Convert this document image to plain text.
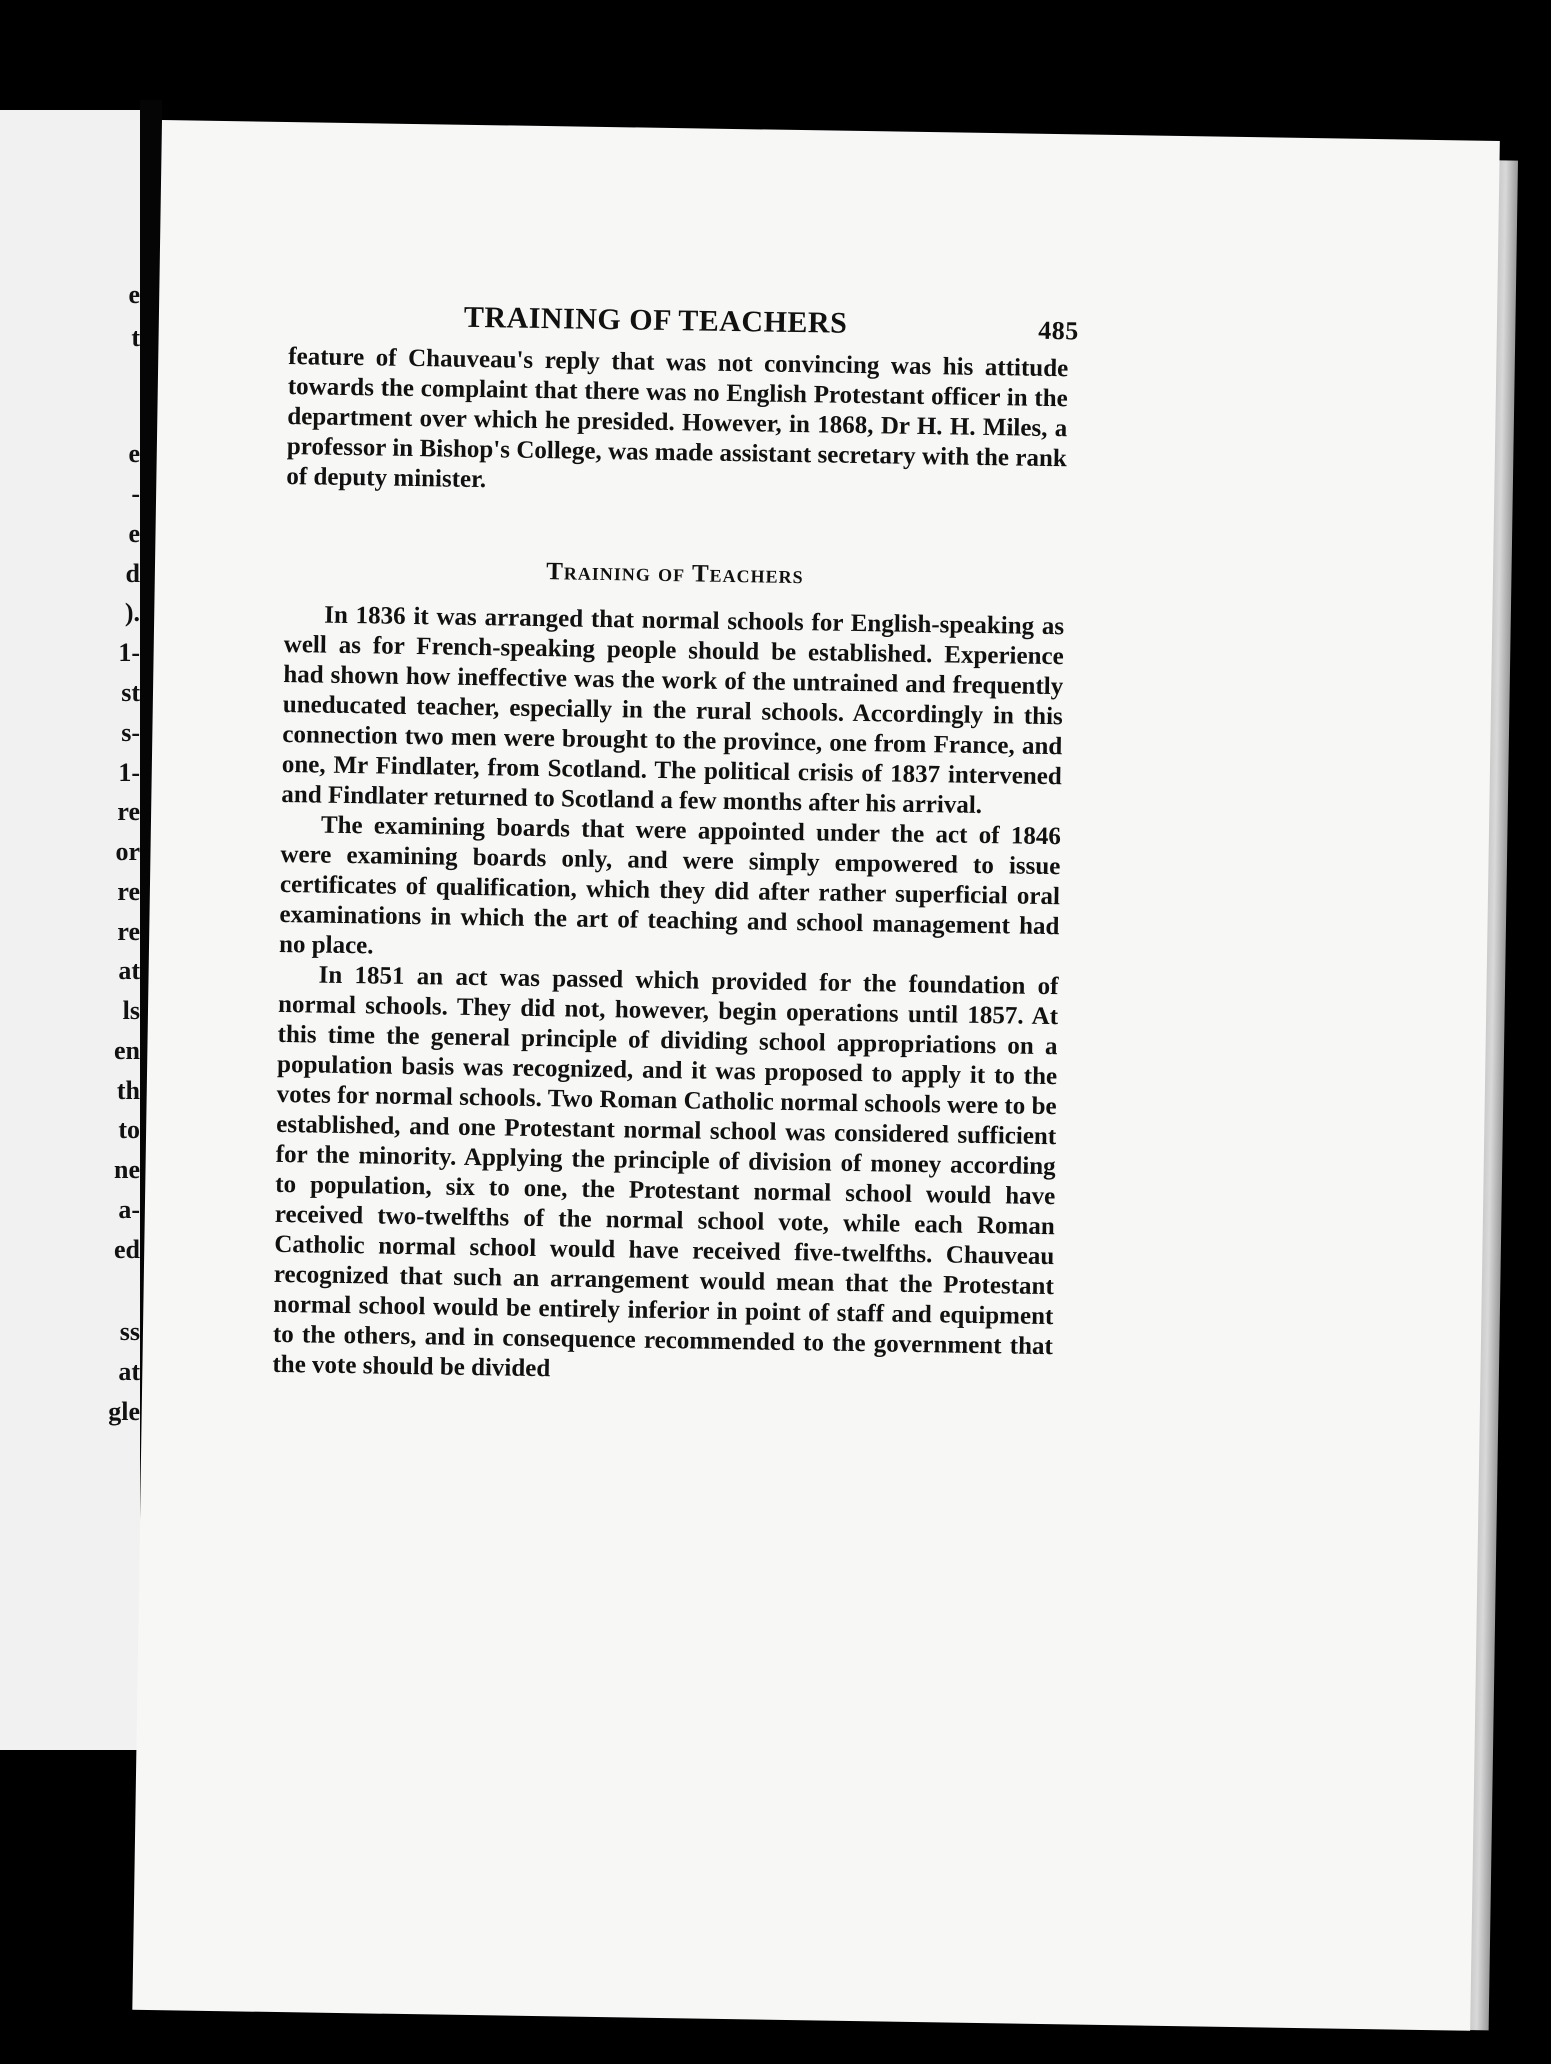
e
t
e
-
e
d
).
1-
st
s-
1-
re
or
re
re
at
ls
en
th
to
ne
a-
ed
ss
at
gle
TRAINING OF TEACHERS	485

feature of Chauveau's reply that was not convincing was his attitude towards the complaint that there was no English Protestant officer in the department over which he presided. However, in 1868, Dr H. H. Miles, a professor in Bishop's College, was made assistant secretary with the rank of deputy minister.

Training of Teachers

In 1836 it was arranged that normal schools for English-speaking as well as for French-speaking people should be established. Experience had shown how ineffective was the work of the untrained and frequently uneducated teacher, especially in the rural schools. Accordingly in this connection two men were brought to the province, one from France, and one, Mr Findlater, from Scotland. The political crisis of 1837 intervened and Findlater returned to Scotland a few months after his arrival.

The examining boards that were appointed under the act of 1846 were examining boards only, and were simply empowered to issue certificates of qualification, which they did after rather superficial oral examinations in which the art of teaching and school management had no place.

In 1851 an act was passed which provided for the foundation of normal schools. They did not, however, begin operations until 1857. At this time the general principle of dividing school appropriations on a population basis was recognized, and it was proposed to apply it to the votes for normal schools. Two Roman Catholic normal schools were to be established, and one Protestant normal school was considered sufficient for the minority. Applying the principle of division of money according to population, six to one, the Protestant normal school would have received two-twelfths of the normal school vote, while each Roman Catholic normal school would have received five-twelfths. Chauveau recognized that such an arrangement would mean that the Protestant normal school would be entirely inferior in point of staff and equipment to the others, and in consequence recommended to the government that the vote should be divided
